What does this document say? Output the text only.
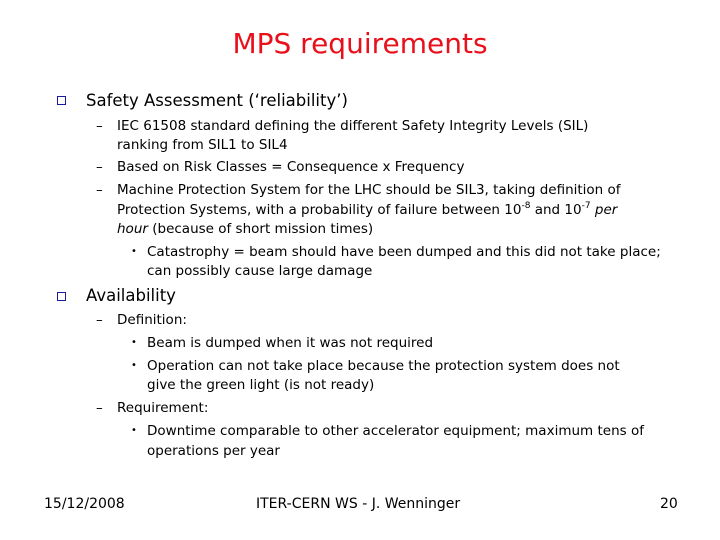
MPS requirements
Safety Assessment (‘reliability’)
– IEC 61508 standard defining the different Safety Integrity Levels (SIL)
ranking from SIL1 to SIL4
– Based on Risk Classes = Consequence x Frequency
– Machine Protection System for the LHC should be SIL3, taking definition of
Protection Systems, with a probability of failure between $10^{-8}$ and $10^{-7}$ per
hour (because of short mission times)
• Catastrophy = beam should have been dumped and this did not take place;
can possibly cause large damage
Availability
– Definition:
• Beam is dumped when it was not required
• Operation can not take place because the protection system does not
give the green light (is not ready)
– Requirement:
• Downtime comparable to other accelerator equipment; maximum tens of
operations per year
15/12/2008	ITER-CERN WS - J. Wenninger	20
